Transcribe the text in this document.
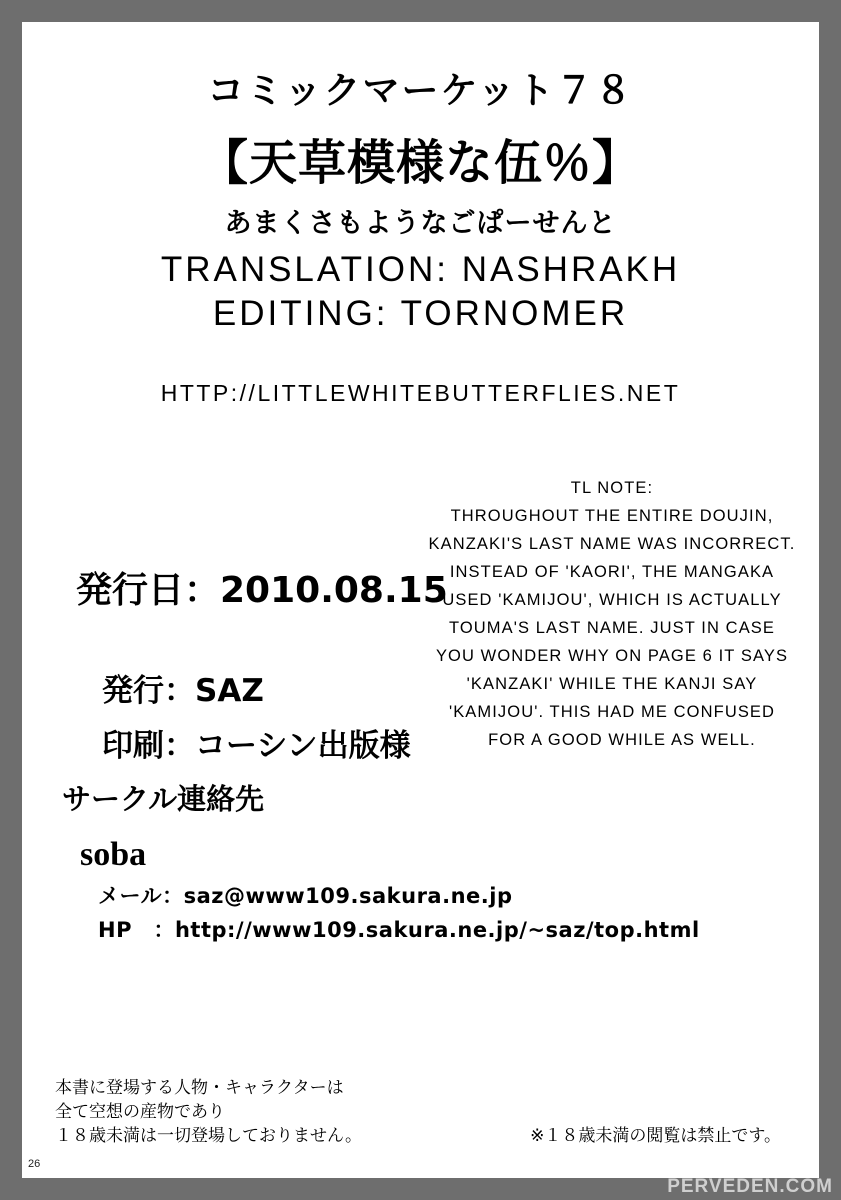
コミックマーケット７８
【天草模様な伍％】
あまくさもようなごぱーせんと
TRANSLATION: NASHRAKH
EDITING: TORNOMER
HTTP://LITTLEWHITEBUTTERFLIES.NET
TL NOTE:
THROUGHOUT THE ENTIRE DOUJIN,
KANZAKI'S LAST NAME WAS INCORRECT.
INSTEAD OF 'KAORI', THE MANGAKA
USED 'KAMIJOU', WHICH IS ACTUALLY
TOUMA'S LAST NAME. JUST IN CASE
YOU WONDER WHY ON PAGE 6 IT SAYS
'KANZAKI' WHILE THE KANJI SAY
'KAMIJOU'. THIS HAD ME CONFUSED
FOR A GOOD WHILE AS WELL.
発行日：2010.08.15
発行：SAZ
印刷：コーシン出版様
サークル連絡先
soba
メール：saz@www109.sakura.ne.jp
HP　：http://www109.sakura.ne.jp/~saz/top.html
本書に登場する人物・キャラクターは
全て空想の産物であり
１８歳未満は一切登場しておりません。	※１８歳未満の閲覧は禁止です。
26
PERVEDEN.COM
